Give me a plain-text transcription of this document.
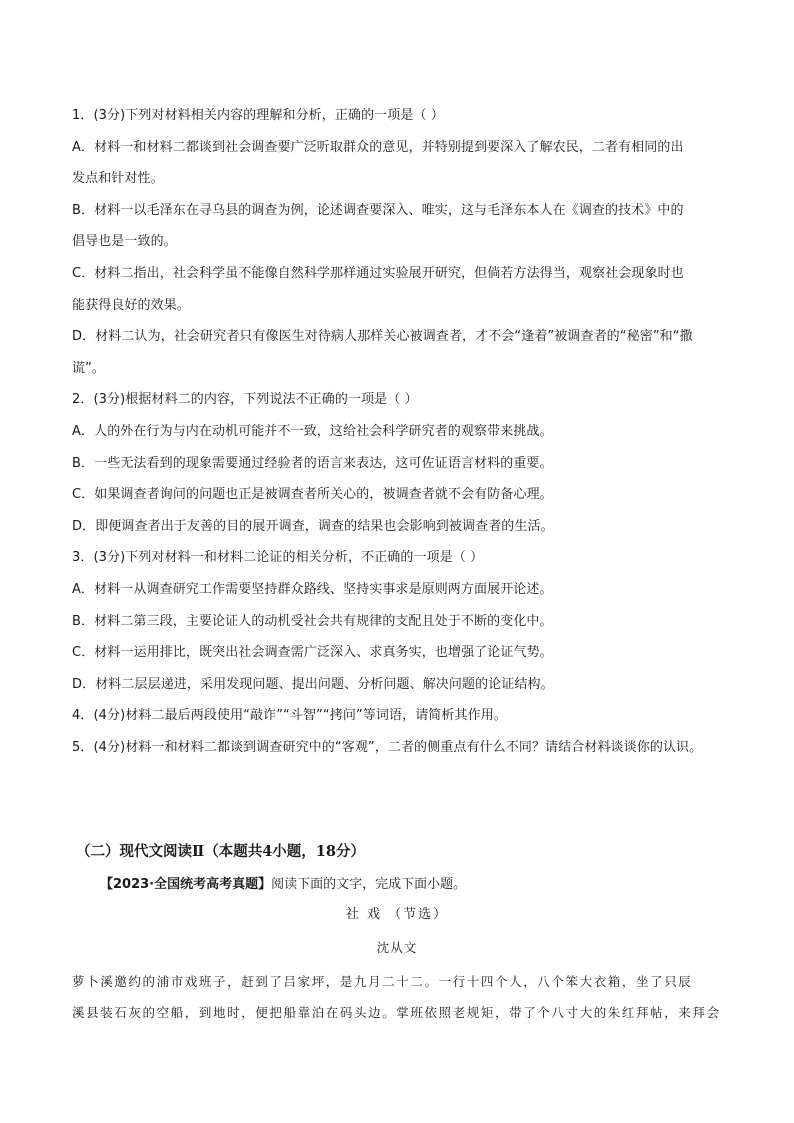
1．(3分)下列对材料相关内容的理解和分析，正确的一项是（ ）

A．材料一和材料二都谈到社会调查要广泛听取群众的意见，并特别提到要深入了解农民，二者有相同的出

发点和针对性。

B．材料一以毛泽东在寻乌县的调查为例，论述调查要深入、唯实，这与毛泽东本人在《调查的技术》中的

倡导也是一致的。

C．材料二指出，社会科学虽不能像自然科学那样通过实验展开研究，但倘若方法得当，观察社会现象时也

能获得良好的效果。

D．材料二认为，社会研究者只有像医生对待病人那样关心被调查者，才不会“逢着”被调查者的“秘密”和“撒

谎”。

2．(3分)根据材料二的内容，下列说法不正确的一项是（ ）

A．人的外在行为与内在动机可能并不一致，这给社会科学研究者的观察带来挑战。

B．一些无法看到的现象需要通过经验者的语言来表达，这可佐证语言材料的重要。

C．如果调查者询问的问题也正是被调查者所关心的，被调查者就不会有防备心理。

D．即便调查者出于友善的目的展开调查，调查的结果也会影响到被调查者的生活。

3．(3分)下列对材料一和材料二论证的相关分析，不正确的一项是（ ）

A．材料一从调查研究工作需要坚持群众路线、坚持实事求是原则两方面展开论述。

B．材料二第三段，主要论证人的动机受社会共有规律的支配且处于不断的变化中。

C．材料一运用排比，既突出社会调查需广泛深入、求真务实，也增强了论证气势。

D．材料二层层递进，采用发现问题、提出问题、分析问题、解决问题的论证结构。

4．(4分)材料二最后两段使用“敲诈”“斗智”“拷问”等词语，请简析其作用。

5．(4分)材料一和材料二都谈到调查研究中的“客观”，二者的侧重点有什么不同？请结合材料谈谈你的认识。

（二）现代文阅读Ⅱ（本题共4小题，18分）
【2023·全国统考高考真题】阅读下面的文字，完成下面小题。
社 戏 （节选）
沈从文

萝卜溪邀约的浦市戏班子，赶到了吕家坪，是九月二十二。一行十四个人，八个笨大衣箱，坐了只辰

溪县装石灰的空船，到地时，便把船靠泊在码头边。掌班依照老规矩，带了个八寸大的朱红拜帖，来拜会
